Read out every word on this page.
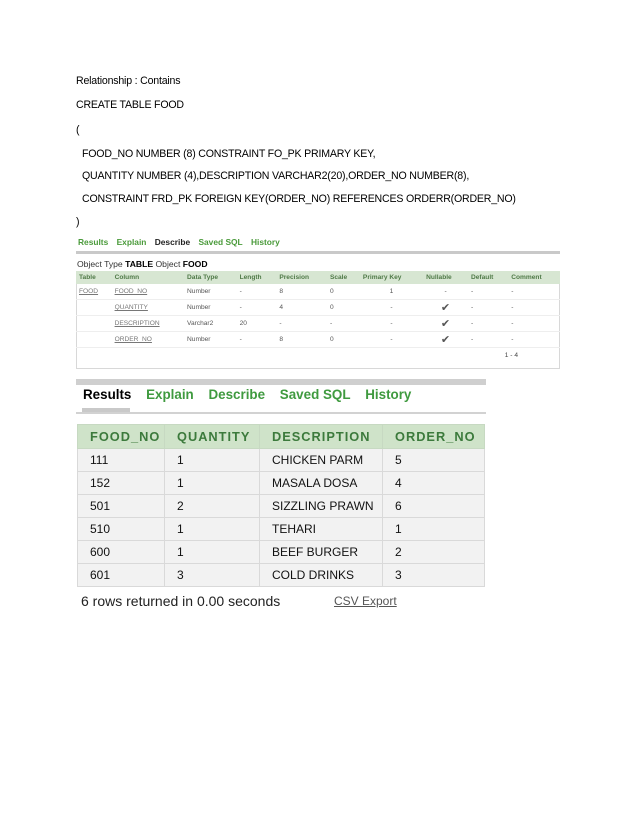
Relationship : Contains
CREATE TABLE FOOD
(
FOOD_NO NUMBER (8) CONSTRAINT FO_PK PRIMARY KEY,
QUANTITY NUMBER (4),DESCRIPTION VARCHAR2(20),ORDER_NO NUMBER(8),
CONSTRAINT FRD_PK FOREIGN KEY(ORDER_NO) REFERENCES ORDERR(ORDER_NO)
)
Results Explain Describe Saved SQL History
Object Type TABLE Object FOOD
Table	Column	Data Type	Length	Precision	Scale	Primary Key	Nullable	Default	Comment
FOOD	FOOD_NO	Number	-	8	0	1	-	-	-
	QUANTITY	Number	-	4	0	-	✔	-	-
	DESCRIPTION	Varchar2	20	-	-	-	✔	-	-
	ORDER_NO	Number	-	8	0	-	✔	-	-
1 - 4
Results Explain Describe Saved SQL History
FOOD_NO	QUANTITY	DESCRIPTION	ORDER_NO
111	1	CHICKEN PARM	5
152	1	MASALA DOSA	4
501	2	SIZZLING PRAWN	6
510	1	TEHARI	1
600	1	BEEF BURGER	2
601	3	COLD DRINKS	3
6 rows returned in 0.00 seconds	CSV Export
